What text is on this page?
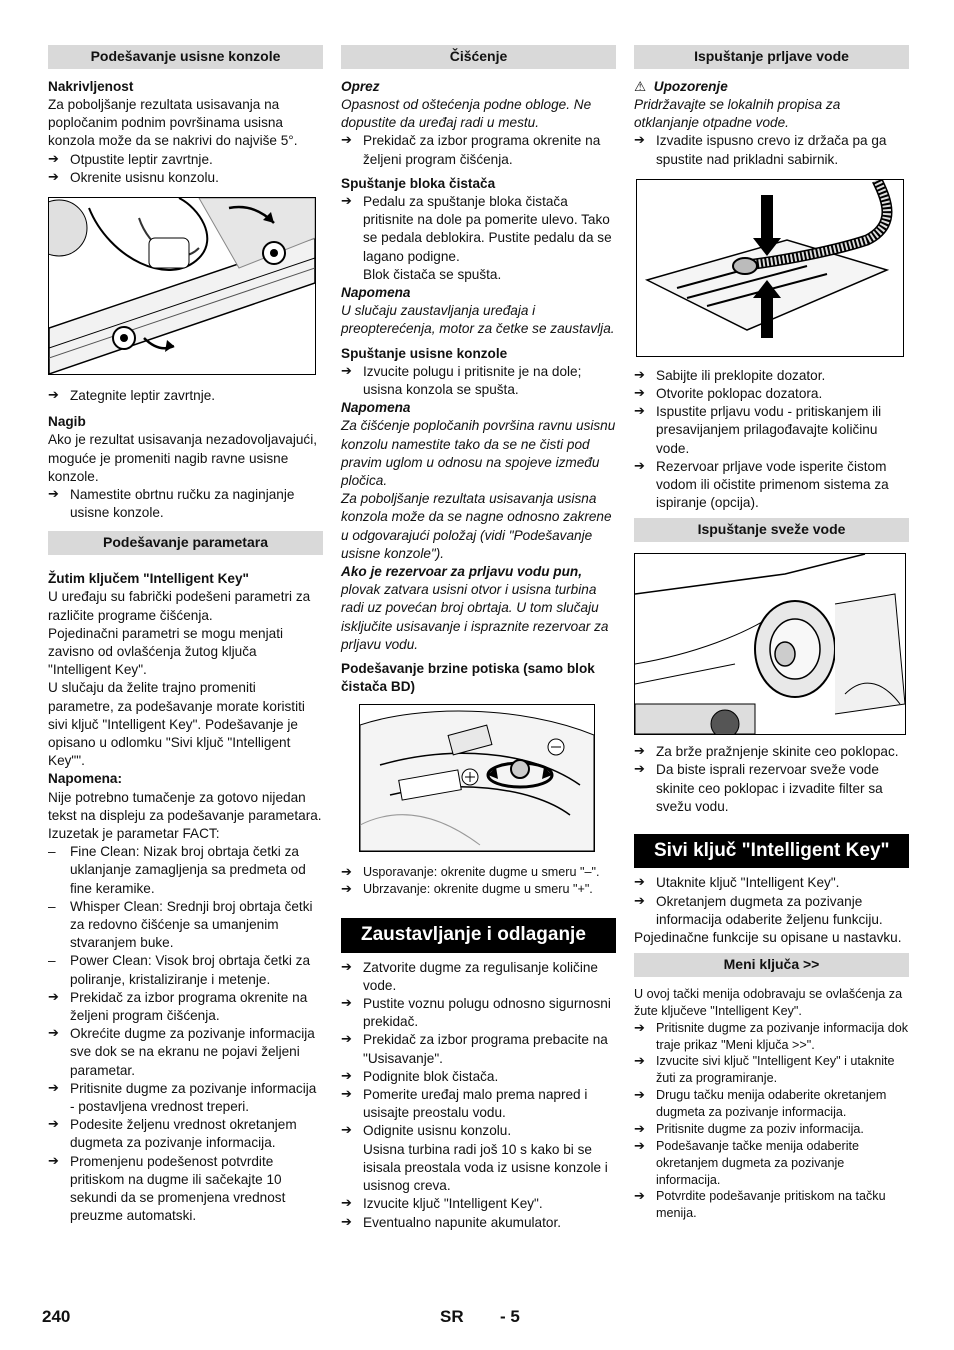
Podešavanje usisne konzole
Nakrivljenost

Za poboljšanje rezultata usisavanja na popločanim podnim površinama usisna konzola može da se nakrivi do najviše 5°.

➔ Otpustite leptir zavrtnje.

➔ Okrenite usisnu konzolu.

➔ Zategnite leptir zavrtnje.

Nagib

Ako je rezultat usisavanja nezadovoljavajući, moguće je promeniti nagib ravne usisne konzole.

➔ Namestite obrtnu ručku za naginjanje usisne konzole.

Podešavanje parametara
Žutim ključem "Intelligent Key"

U uređaju su fabrički podešeni parametri za različite programe čišćenja.

Pojedinačni parametri se mogu menjati zavisno od ovlašćenja žutog ključa "Intelligent Key".

U slučaju da želite trajno promeniti parametre, za podešavanje morate koristiti sivi ključ "Intelligent Key". Podešavanje je opisano u odlomku "Sivi ključ "Intelligent Key"".

Napomena:

Nije potrebno tumačenje za gotovo nijedan tekst na displeju za podešavanje parametara. Izuzetak je parametar FACT:

– Fine Clean: Nizak broj obrtaja četki za uklanjanje zamagljenja sa predmeta od fine keramike.

– Whisper Clean: Srednji broj obrtaja četki za redovno čišćenje sa umanjenim stvaranjem buke.

– Power Clean: Visok broj obrtaja četki za poliranje, kristaliziranje i metenje.

➔ Prekidač za izbor programa okrenite na željeni program čišćenja.

➔ Okrećite dugme za pozivanje informacija sve dok se na ekranu ne pojavi željeni parametar.

➔ Pritisnite dugme za pozivanje informacija - postavljena vrednost treperi.

➔ Podesite željenu vrednost okretanjem dugmeta za pozivanje informacija.

➔ Promenjenu podešenost potvrdite pritiskom na dugme ili sačekajte 10 sekundi da se promenjena vrednost preuzme automatski.

Čišćenje

Oprez

Opasnost od oštećenja podne obloge. Ne dopustite da uređaj radi u mestu.

➔ Prekidač za izbor programa okrenite na željeni program čišćenja.

Spuštanje bloka čistača

➔ Pedalu za spuštanje bloka čistača pritisnite na dole pa pomerite ulevo. Tako se pedala deblokira. Pustite pedalu da se lagano podigne.

Blok čistača se spušta.

Napomena

U slučaju zaustavljanja uređaja i preopterećenja, motor za četke se zaustavlja.

Spuštanje usisne konzole

➔ Izvucite polugu i pritisnite je na dole; usisna konzola se spušta.

Napomena

Za čišćenje popločanih površina ravnu usisnu konzolu namestite tako da se ne čisti pod pravim uglom u odnosu na spojeve između pločica.

Za poboljšanje rezultata usisavanja usisna konzola može da se nagne odnosno zakrene u odgovarajući položaj (vidi "Podešavanje usisne konzole").

Ako je rezervoar za prljavu vodu pun, plovak zatvara usisni otvor i usisna turbina radi uz povećan broj obrtaja. U tom slučaju isključite usisavanje i ispraznite rezervoar za prljavu vodu.

Podešavanje brzine potiska (samo blok čistača BD)

➔ Usporavanje: okrenite dugme u smeru "–".

➔ Ubrzavanje: okrenite dugme u smeru "+".

Zaustavljanje i odlaganje

➔ Zatvorite dugme za regulisanje količine vode.

➔ Pustite voznu polugu odnosno sigurnosni prekidač.

➔ Prekidač za izbor programa prebacite na "Usisavanje".

➔ Podignite blok čistača.

➔ Pomerite uređaj malo prema napred i usisajte preostalu vodu.

➔ Odignite usisnu konzolu.

Usisna turbina radi još 10 s kako bi se isisala preostala voda iz usisne konzole i usisnog creva.

➔ Izvucite ključ "Intelligent Key".

➔ Eventualno napunite akumulator.

Ispuštanje prljave vode

⚠ Upozorenje

Pridržavajte se lokalnih propisa za otklanjanje otpadne vode.

➔ Izvadite ispusno crevo iz držača pa ga spustite nad prikladni sabirnik.

➔ Sabijte ili preklopite dozator.

➔ Otvorite poklopac dozatora.

➔ Ispustite prljavu vodu - pritiskanjem ili presavijanjem prilagođavajte količinu vode.

➔ Rezervoar prljave vode isperite čistom vodom ili očistite primenom sistema za ispiranje (opcija).

Ispuštanje sveže vode

➔ Za brže pražnjenje skinite ceo poklopac.

➔ Da biste isprali rezervoar sveže vode skinite ceo poklopac i izvadite filter sa svežu vodu.

Sivi ključ "Intelligent Key"

➔ Utaknite ključ "Intelligent Key".

➔ Okretanjem dugmeta za pozivanje informacija odaberite željenu funkciju.

Pojedinačne funkcije su opisane u nastavku.

Meni ključa >>

U ovoj tački menija odobravaju se ovlašćenja za žute ključeve "Intelligent Key".

➔ Pritisnite dugme za pozivanje informacija dok traje prikaz "Meni ključa >>".

➔ Izvucite sivi ključ "Intelligent Key" i utaknite žuti za programiranje.

➔ Drugu tačku menija odaberite okretanjem dugmeta za pozivanje informacija.

➔ Pritisnite dugme za poziv informacija.

➔ Podešavanje tačke menija odaberite okretanjem dugmeta za pozivanje informacija.

➔ Potvrdite podešavanje pritiskom na tačku menija.

240	SR - 5
